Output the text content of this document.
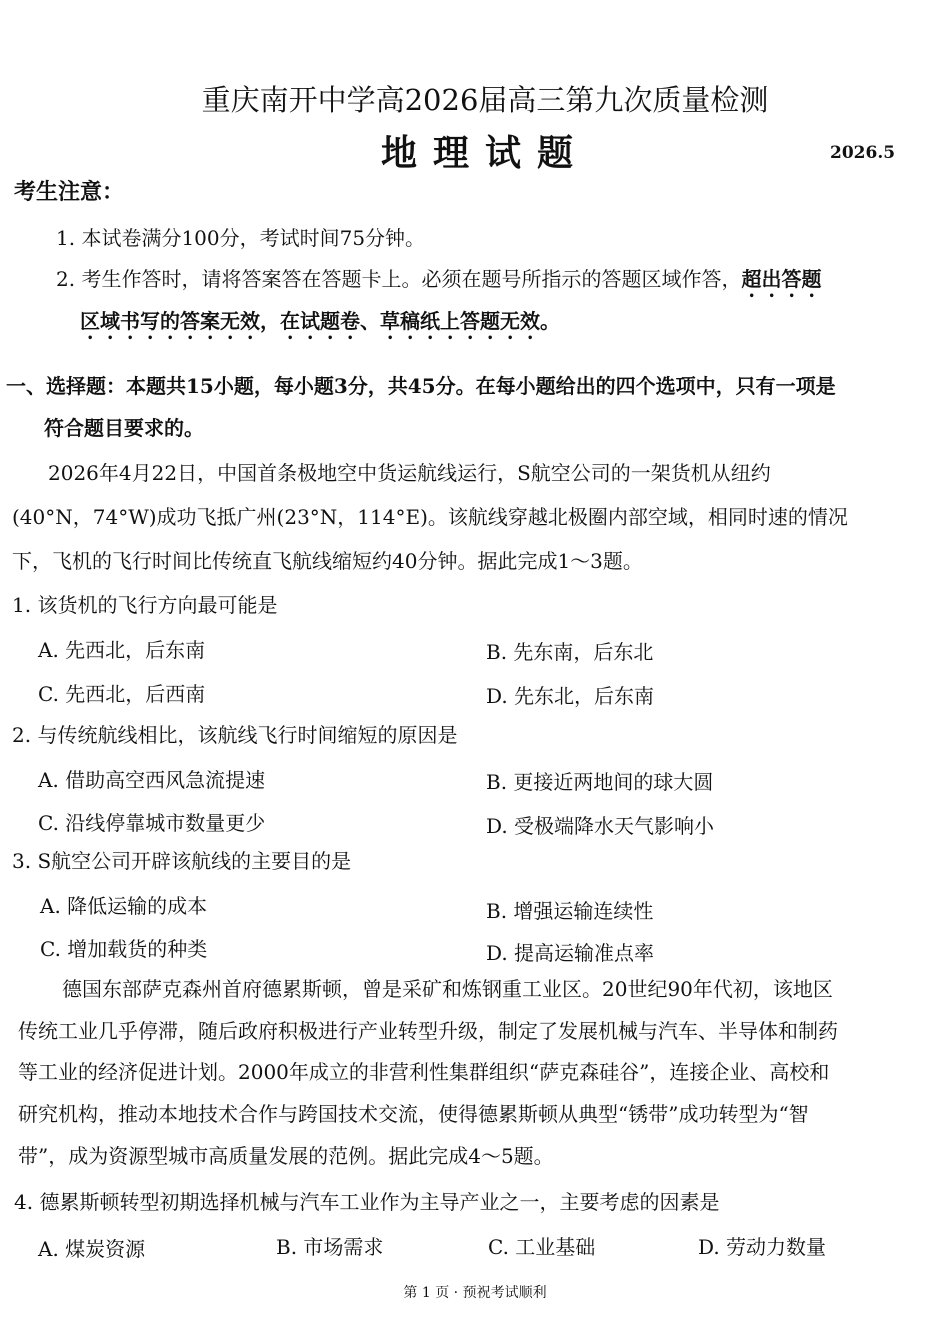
重庆南开中学高2026届高三第九次质量检测
地理试题	2026.5
考生注意：
1. 本试卷满分100分，考试时间75分钟。
2. 考生作答时，请将答案答在答题卡上。必须在题号所指示的答题区域作答，超出答题
区域书写的答案无效，在试题卷、草稿纸上答题无效。
一、选择题：本题共15小题，每小题3分，共45分。在每小题给出的四个选项中，只有一项是
符合题目要求的。
2026年4月22日，中国首条极地空中货运航线运行，S航空公司的一架货机从纽约
(40°N，74°W)成功飞抵广州(23°N，114°E)。该航线穿越北极圈内部空域，相同时速的情况
下，飞机的飞行时间比传统直飞航线缩短约40分钟。据此完成1～3题。
1. 该货机的飞行方向最可能是
A. 先西北，后东南	B. 先东南，后东北
C. 先西北，后西南	D. 先东北，后东南
2. 与传统航线相比，该航线飞行时间缩短的原因是
A. 借助高空西风急流提速	B. 更接近两地间的球大圆
C. 沿线停靠城市数量更少	D. 受极端降水天气影响小
3. S航空公司开辟该航线的主要目的是
A. 降低运输的成本	B. 增强运输连续性
C. 增加载货的种类	D. 提高运输准点率
德国东部萨克森州首府德累斯顿，曾是采矿和炼钢重工业区。20世纪90年代初，该地区
传统工业几乎停滞，随后政府积极进行产业转型升级，制定了发展机械与汽车、半导体和制药
等工业的经济促进计划。2000年成立的非营利性集群组织“萨克森硅谷”，连接企业、高校和
研究机构，推动本地技术合作与跨国技术交流，使得德累斯顿从典型“锈带”成功转型为“智
带”，成为资源型城市高质量发展的范例。据此完成4～5题。
4. 德累斯顿转型初期选择机械与汽车工业作为主导产业之一，主要考虑的因素是
A. 煤炭资源	B. 市场需求	C. 工业基础	D. 劳动力数量
第 1 页 · 预祝考试顺利
